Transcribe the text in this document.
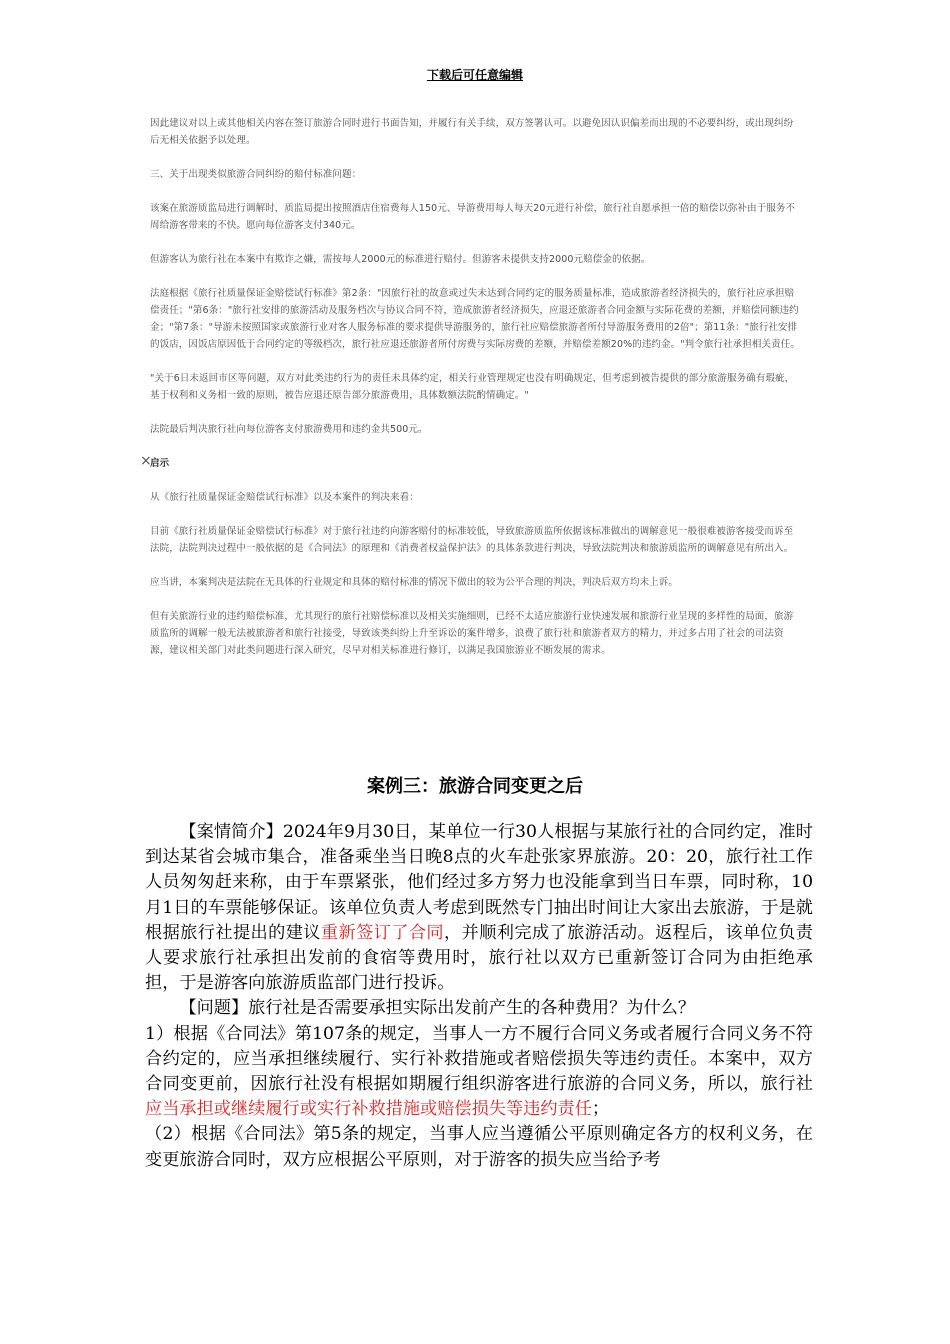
下载后可任意编辑

因此建议对以上或其他相关内容在签订旅游合同时进行书面告知，并履行有关手续，双方签署认可。以避免因认识偏差而出现的不必要纠纷，或出现纠纷后无相关依据予以处理。

三、关于出现类似旅游合同纠纷的赔付标准问题：

该案在旅游质监局进行调解时，质监局提出按照酒店住宿费每人150元、导游费用每人每天20元进行补偿，旅行社自愿承担一倍的赔偿以弥补由于服务不周给游客带来的不快。愿向每位游客支付340元。

但游客认为旅行社在本案中有欺诈之嫌，需按每人2000元的标准进行赔付。但游客未提供支持2000元赔偿金的依据。

法庭根据《旅行社质量保证金赔偿试行标准》第2条："因旅行社的故意或过失未达到合同约定的服务质量标准，造成旅游者经济损失的，旅行社应承担赔偿责任；"第6条："旅行社安排的旅游活动及服务档次与协议合同不符，造成旅游者经济损失，应退还旅游者合同金额与实际花费的差额，并赔偿同额违约金；"第7条："导游未按照国家或旅游行业对客人服务标准的要求提供导游服务的，旅行社应赔偿旅游者所付导游服务费用的2倍"；第11条："旅行社安排的饭店，因饭店原因低于合同约定的等级档次，旅行社应退还旅游者所付房费与实际房费的差额，并赔偿差额20%的违约金。"判令旅行社承担相关责任。

"关于6日未返回市区等问题，双方对此类违约行为的责任未具体约定，相关行业管理规定也没有明确规定，但考虑到被告提供的部分旅游服务确有瑕疵，基于权利和义务相一致的原则，被告应退还原告部分旅游费用，具体数额法院酌情确定。"

法院最后判决旅行社向每位游客支付旅游费用和违约金共500元。

启示

从《旅行社质量保证金赔偿试行标准》以及本案件的判决来看：

目前《旅行社质量保证金赔偿试行标准》对于旅行社违约向游客赔付的标准较低，导致旅游质监所依据该标准做出的调解意见一般很难被游客接受而诉至法院，法院判决过程中一般依据的是《合同法》的原理和《消费者权益保护法》的具体条款进行判决，导致法院判决和旅游质监所的调解意见有所出入。

应当讲，本案判决是法院在无具体的行业规定和具体的赔付标准的情况下做出的较为公平合理的判决，判决后双方均未上诉。

但有关旅游行业的违约赔偿标准，尤其现行的旅行社赔偿标准以及相关实施细则，已经不太适应旅游行业快速发展和旅游行业呈现的多样性的局面，旅游质监所的调解一般无法被旅游者和旅行社接受，导致该类纠纷上升至诉讼的案件增多，浪费了旅行社和旅游者双方的精力，并过多占用了社会的司法资源，建议相关部门对此类问题进行深入研究，尽早对相关标准进行修订，以满足我国旅游业不断发展的需求。

×
案例三：旅游合同变更之后

【案情简介】2024年9月30日，某单位一行30人根据与某旅行社的合同约定，准时到达某省会城市集合，准备乘坐当日晚8点的火车赴张家界旅游。20：20，旅行社工作人员匆匆赶来称，由于车票紧张，他们经过多方努力也没能拿到当日车票，同时称，10月1日的车票能够保证。该单位负责人考虑到既然专门抽出时间让大家出去旅游，于是就根据旅行社提出的建议重新签订了合同，并顺利完成了旅游活动。返程后，该单位负责人要求旅行社承担出发前的食宿等费用时，旅行社以双方已重新签订合同为由拒绝承担，于是游客向旅游质监部门进行投诉。

【问题】旅行社是否需要承担实际出发前产生的各种费用？为什么？

1）根据《合同法》第107条的规定，当事人一方不履行合同义务或者履行合同义务不符合约定的，应当承担继续履行、实行补救措施或者赔偿损失等违约责任。本案中，双方合同变更前，因旅行社没有根据如期履行组织游客进行旅游的合同义务，所以，旅行社应当承担或继续履行或实行补救措施或赔偿损失等违约责任；

（2）根据《合同法》第5条的规定，当事人应当遵循公平原则确定各方的权利义务，在变更旅游合同时，双方应根据公平原则，对于游客的损失应当给予考
